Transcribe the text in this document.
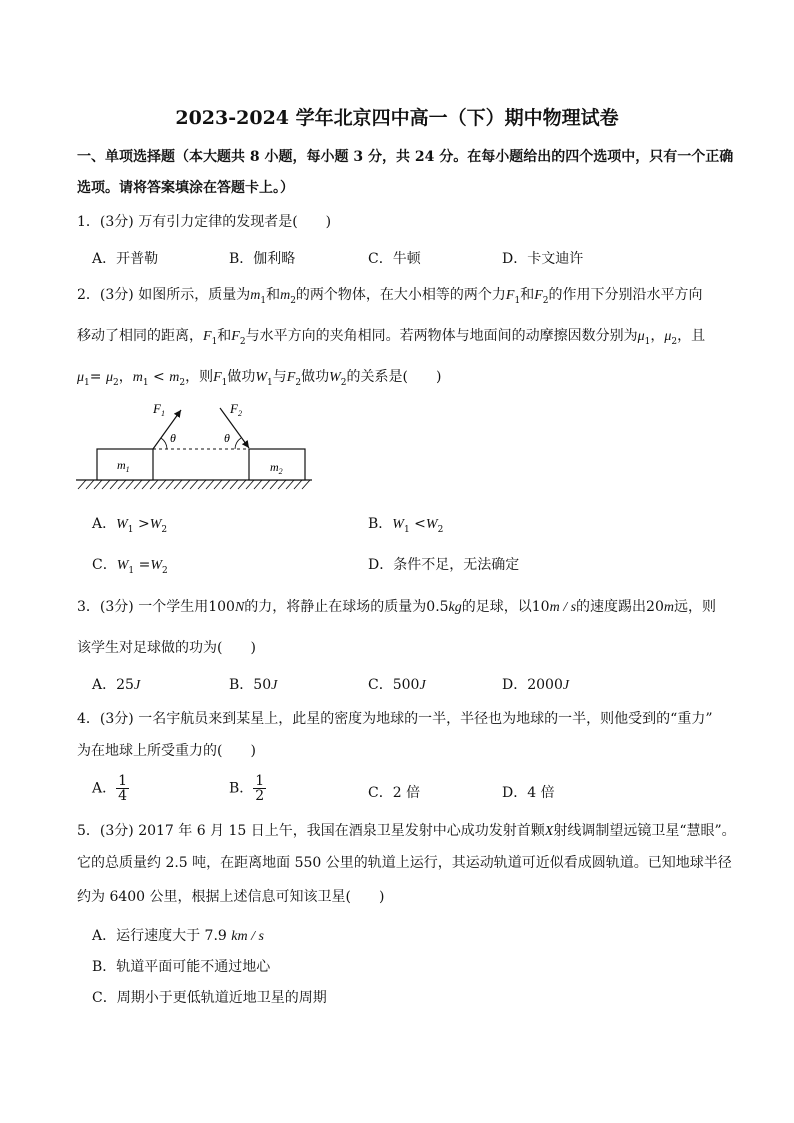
2023-2024 学年北京四中高一（下）期中物理试卷
一、单项选择题（本大题共 8 小题，每小题 3 分，共 24 分。在每小题给出的四个选项中，只有一个正确
选项。请将答案填涂在答题卡上。）
1．(3分) 万有引力定律的发现者是(　　)
A．开普勒	B．伽利略	C．牛顿	D．卡文迪许
2．(3分) 如图所示，质量为$m_1$和$m_2$的两个物体，在大小相等的两个力$F_1$和$F_2$的作用下分别沿水平方向
移动了相同的距离，$F_1$和$F_2$与水平方向的夹角相同。若两物体与地面间的动摩擦因数分别为$\mu_1$，$\mu_2$，且
$\mu_1= \mu_2$，$m_1 < m_2$，则$F_1$做功$W_1$与$F_2$做功$W_2$的关系是(　　)
$m_1$	$m_2$
$F_1$
θ
$F_2$
θ
A．$W_1 >W_2$	B．$W_1 <W_2$
C．$W_1 =W_2$	D．条件不足，无法确定
3．(3分) 一个学生用100N的力，将静止在球场的质量为0.5kg的足球，以10m / s的速度踢出20m远，则
该学生对足球做的功为(　　)
A．25J	B．50J	C．500J	D．2000J
4．(3分) 一名宇航员来到某星上，此星的密度为地球的一半，半径也为地球的一半，则他受到的“重力”
为在地球上所受重力的(　　)
A． $\frac{1}{4}$	B． $\frac{1}{2}$	C．2 倍	D．4 倍
5．(3分) 2017 年 6 月 15 日上午，我国在酒泉卫星发射中心成功发射首颗X射线调制望远镜卫星“慧眼”。
它的总质量约 2.5 吨，在距离地面 550 公里的轨道上运行，其运动轨道可近似看成圆轨道。已知地球半径
约为 6400 公里，根据上述信息可知该卫星(　　)
A．运行速度大于 7.9 km / s
B．轨道平面可能不通过地心
C．周期小于更低轨道近地卫星的周期
